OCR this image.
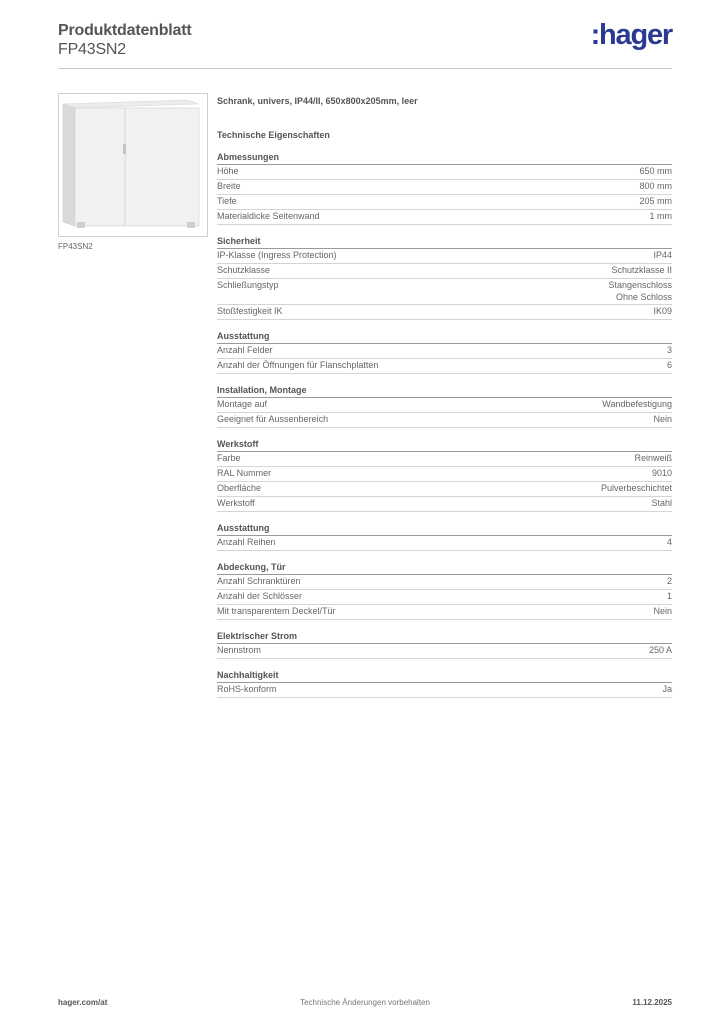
Produktdatenblatt
FP43SN2	:hager
FP43SN2
Schrank, univers, IP44/II, 650x800x205mm, leer
Technische Eigenschaften
Abmessungen
Höhe	650 mm
Breite	800 mm
Tiefe	205 mm
Materialdicke Seitenwand	1 mm
Sicherheit
IP-Klasse (Ingress Protection)	IP44
Schutzklasse	Schutzklasse II
Schließungstyp	Stangenschloss
Ohne Schloss
Stoßfestigkeit IK	IK09
Ausstattung
Anzahl Felder	3
Anzahl der Öffnungen für Flanschplatten	6
Installation, Montage
Montage auf	Wandbefestigung
Geeignet für Aussenbereich	Nein
Werkstoff
Farbe	Reinweiß
RAL Nummer	9010
Oberfläche	Pulverbeschichtet
Werkstoff	Stahl
Ausstattung
Anzahl Reihen	4
Abdeckung, Tür
Anzahl Schranktüren	2
Anzahl der Schlösser	1
Mit transparentem Deckel/Tür	Nein
Elektrischer Strom
Nennstrom	250 A
Nachhaltigkeit
RoHS-konform	Ja
hager.com/at	Technische Änderungen vorbehalten	11.12.2025
